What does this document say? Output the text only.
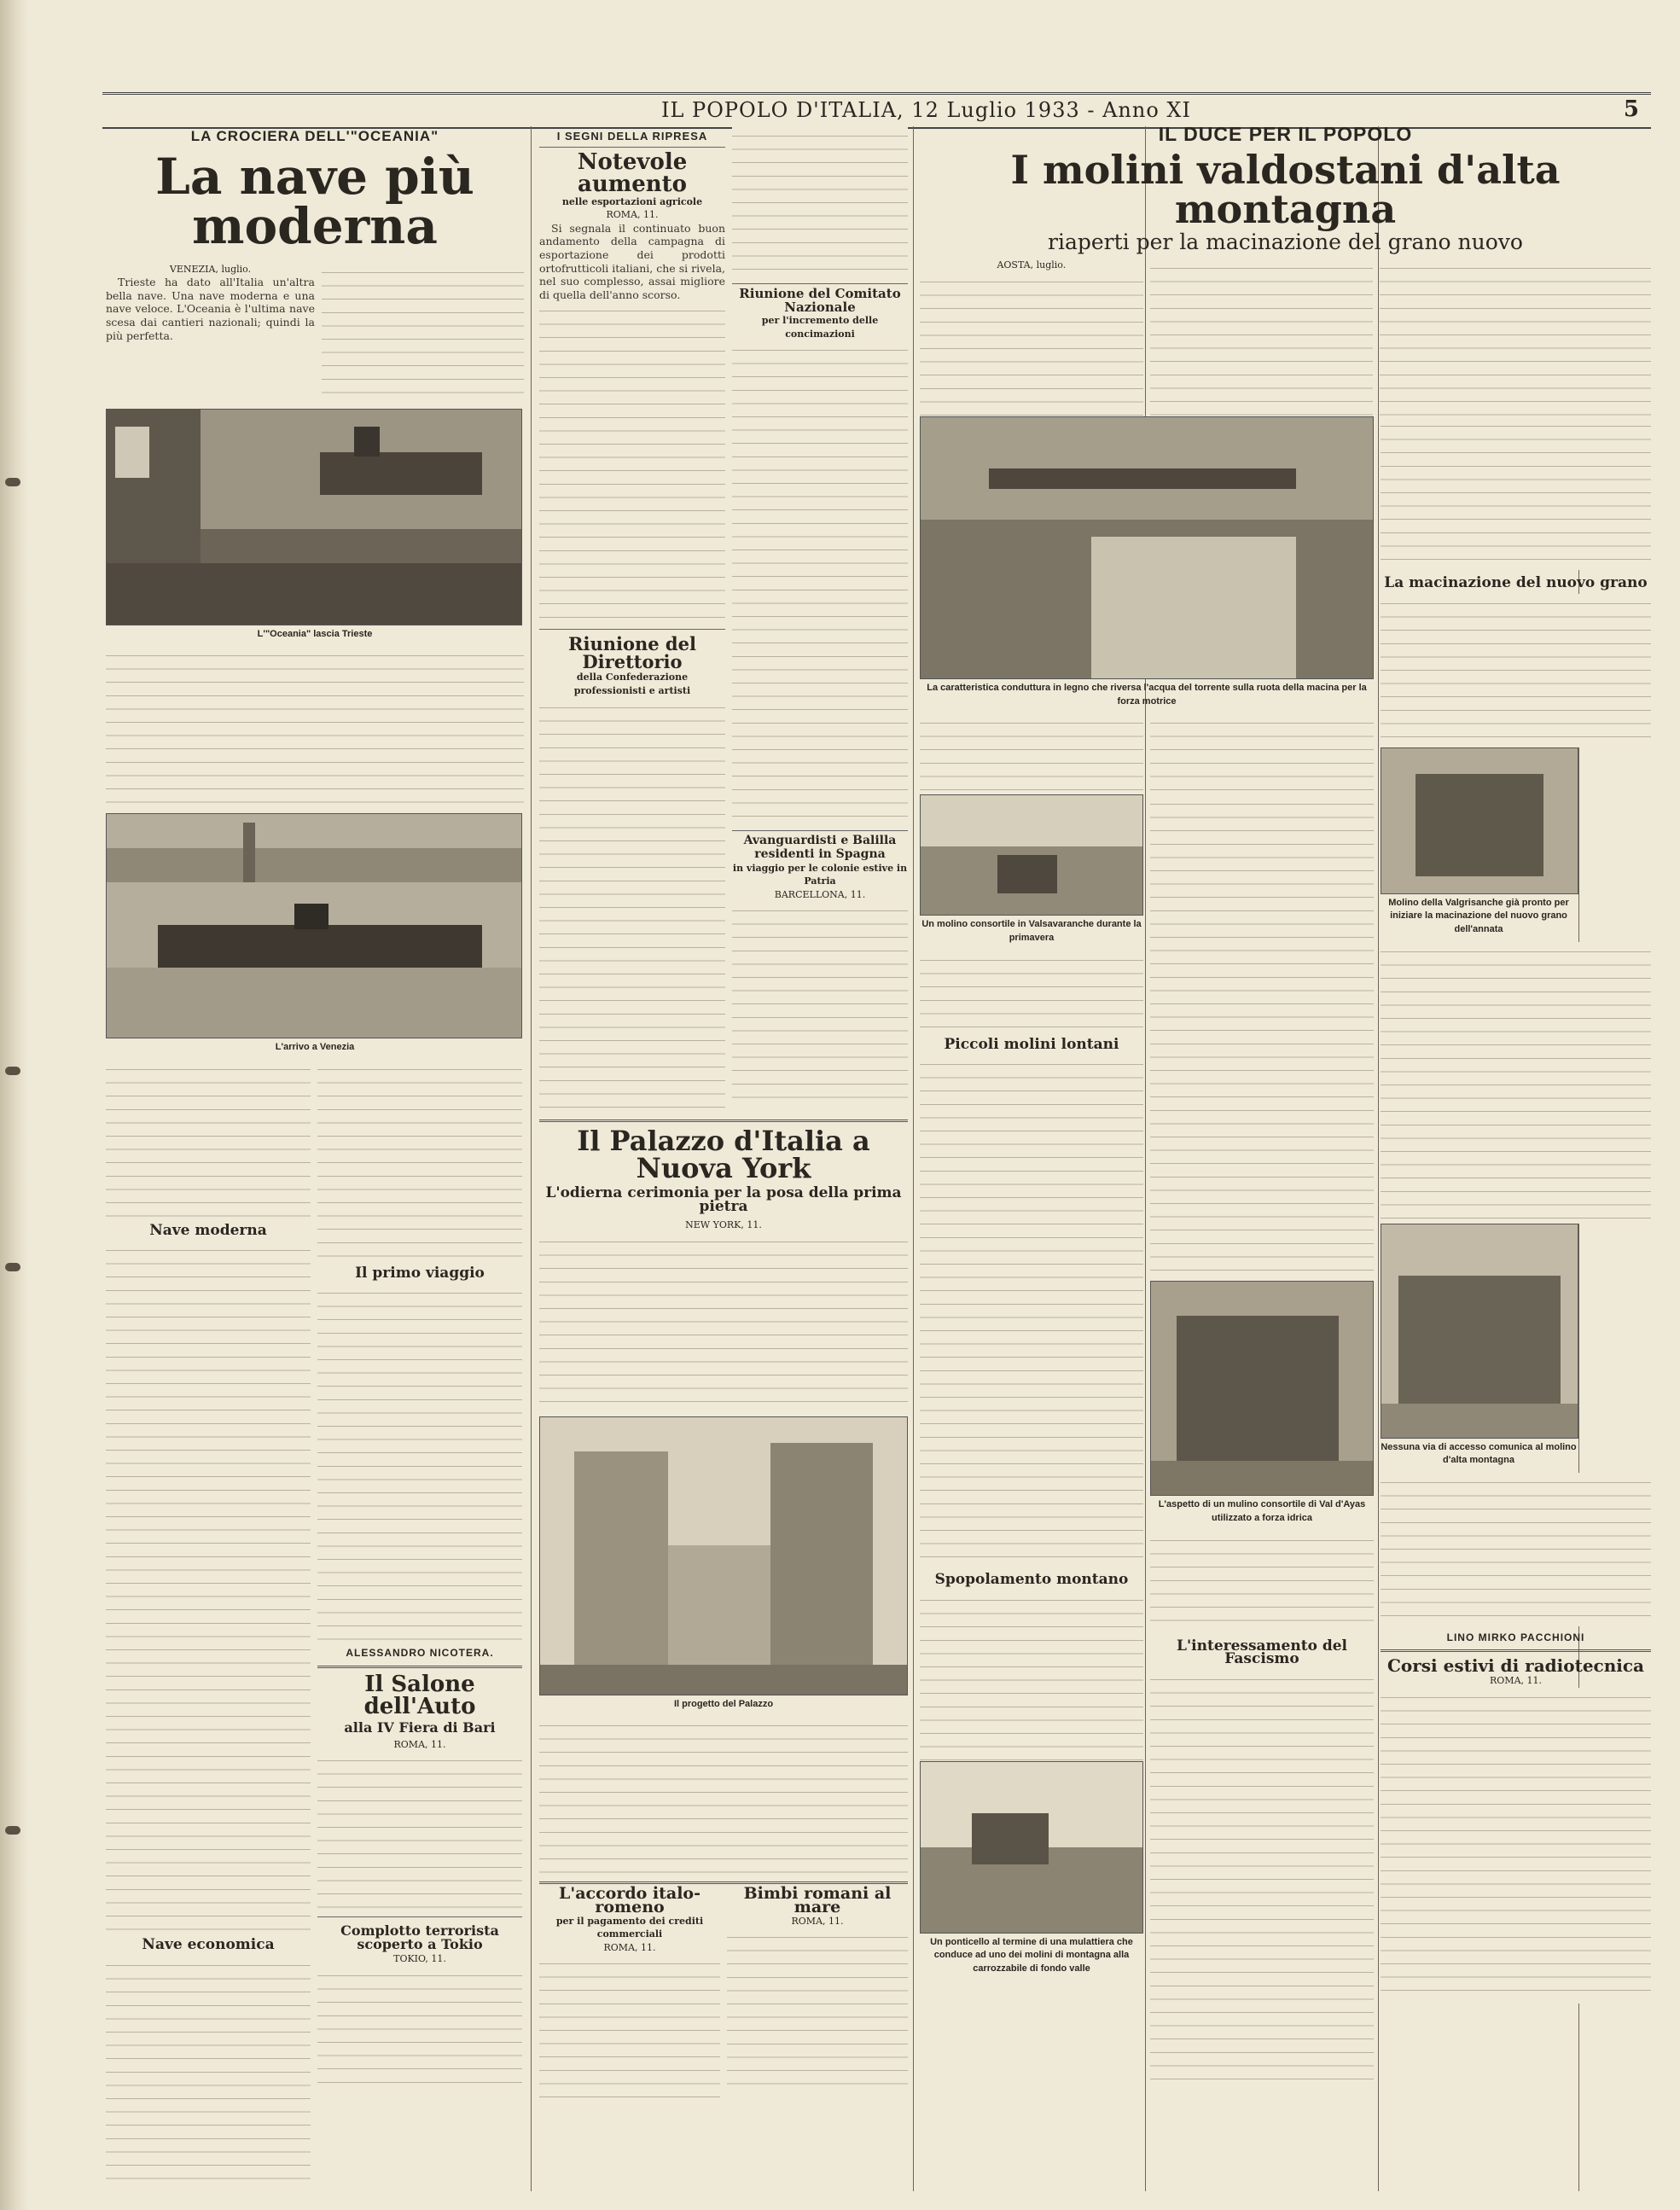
IL POPOLO D'ITALIA, 12 Luglio 1933 - Anno XI	5
LA CROCIERA DELL'"OCEANIA"
La nave più moderna
VENEZIA, luglio.

Trieste ha dato all'Italia un'altra bella nave. Una nave moderna e una nave veloce. L'Oceania è l'ultima nave scesa dai cantieri nazionali; quindi la più perfetta.

L'"Oceania" lascia Trieste
L'arrivo a Venezia
Nave moderna
Nave economica
Il primo viaggio
ALESSANDRO NICOTERA.
Il Salone dell'Auto
alla IV Fiera di Bari
ROMA, 11.
Complotto terrorista scoperto a Tokio
TOKIO, 11.
I SEGNI DELLA RIPRESA
Notevole aumento
nelle esportazioni agricole
ROMA, 11.

Si segnala il continuato buon andamento della campagna di esportazione dei prodotti ortofrutticoli italiani, che si rivela, nel suo complesso, assai migliore di quella dell'anno scorso.

Riunione del Direttorio
della Confederazione professionisti e artisti
Riunione del Comitato Nazionale
per l'incremento delle concimazioni
Avanguardisti e Balilla residenti in Spagna
in viaggio per le colonie estive in Patria
BARCELLONA, 11.
Il Palazzo d'Italia a Nuova York
L'odierna cerimonia per la posa della prima pietra
NEW YORK, 11.
Il progetto del Palazzo
L'accordo italo-romeno
per il pagamento dei crediti commerciali
ROMA, 11.
Bimbi romani al mare
ROMA, 11.
IL DUCE PER IL POPOLO
I molini valdostani d'alta montagna
riaperti per la macinazione del grano nuovo
AOSTA, luglio.
La caratteristica conduttura in legno che riversa l'acqua del torrente sulla ruota della macina per la forza motrice
Un molino consortile in Valsavaranche durante la primavera
Piccoli molini lontani
Spopolamento montano
Un ponticello al termine di una mulattiera che conduce ad uno dei molini di montagna alla carrozzabile di fondo valle
L'aspetto di un mulino consortile di Val d'Ayas utilizzato a forza idrica
L'interessamento del Fascismo
La macinazione del nuovo grano
Molino della Valgrisanche già pronto per iniziare la macinazione del nuovo grano dell'annata
Nessuna via di accesso comunica al molino d'alta montagna
LINO MIRKO PACCHIONI
Corsi estivi di radiotecnica
ROMA, 11.
